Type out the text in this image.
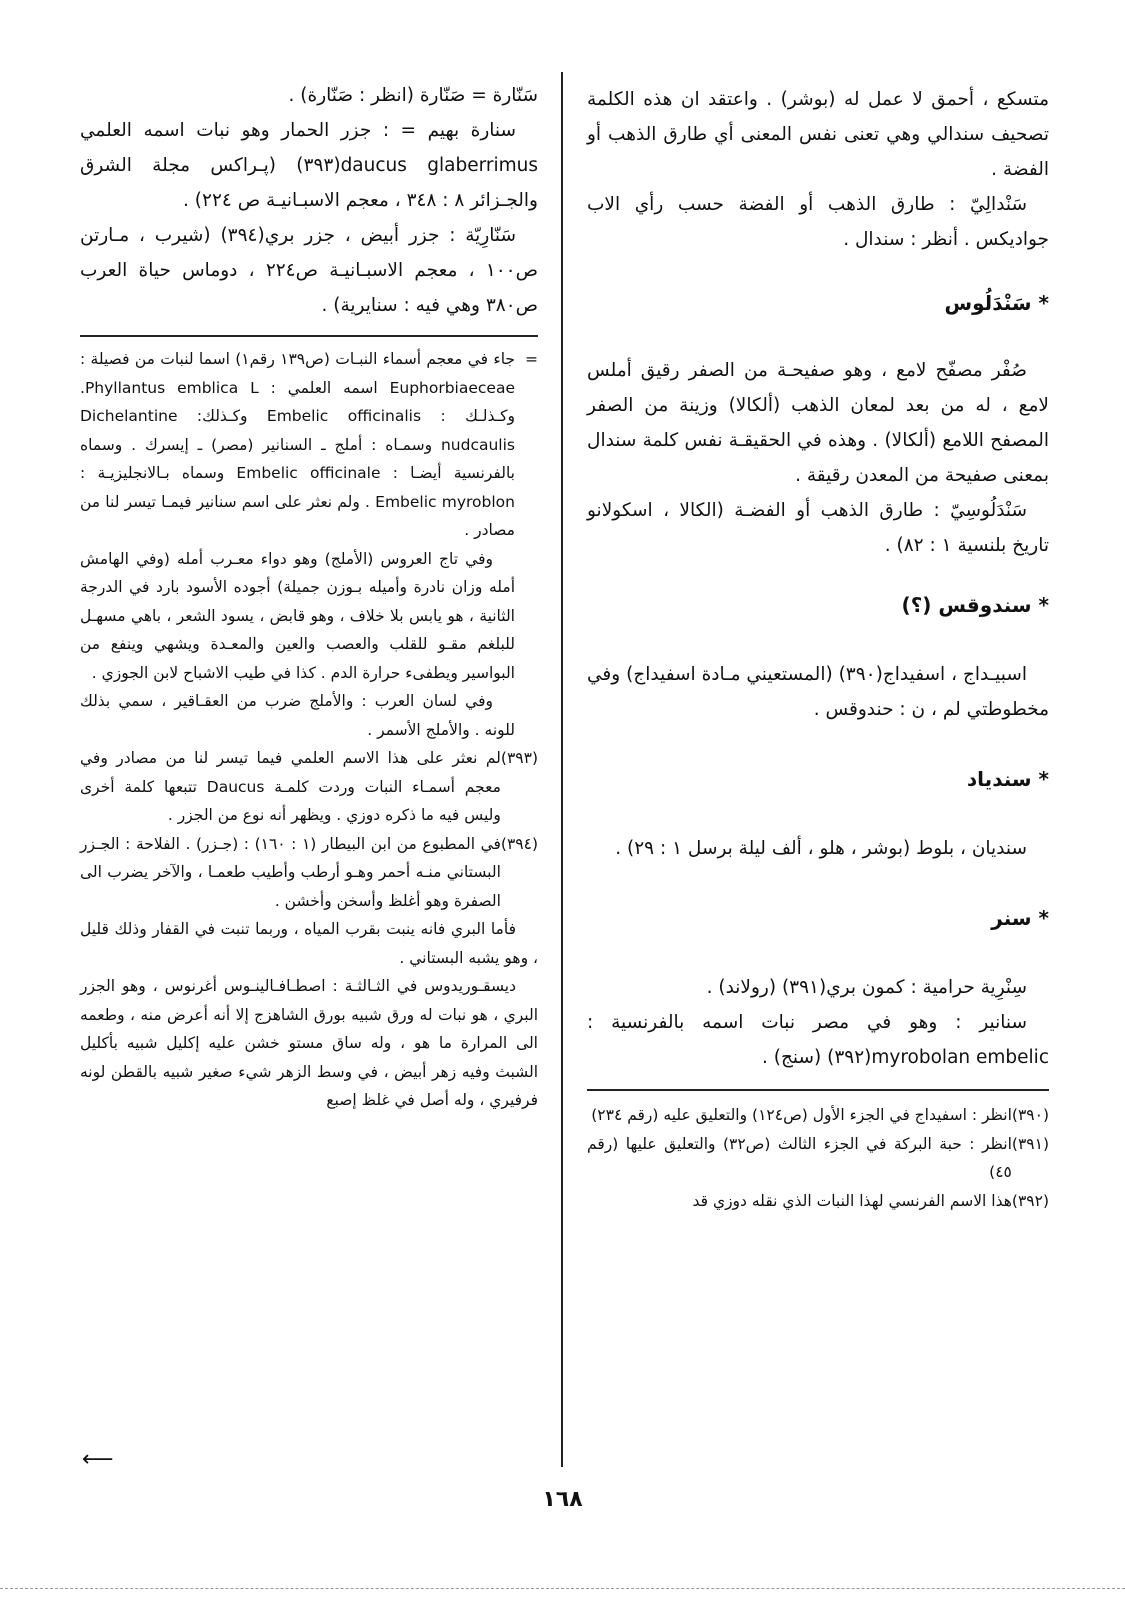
متسكع ، أحمق لا عمل له (بوشر) . واعتقد ان هذه الكلمة تصحيف سندالي وهي تعنى نفس المعنى أي طارق الذهب أو الفضة .

سَنْدالِيّ : طارق الذهب أو الفضة حسب رأي الاب جواديكس . أنظر : سندال .

* سَنْدَلُوس

صُفْر مصفّح لامع ، وهو صفيحـة من الصفر رقيق أملس لامع ، له من بعد لمعان الذهب (ألكالا) وزينة من الصفر المصفح اللامع (ألكالا) . وهذه في الحقيقـة نفس كلمة سندال بمعنى صفيحة من المعدن رقيقة .

سَنْدَلُوسِيّ : طارق الذهب أو الفضـة (الكالا ، اسكولانو تاريخ بلنسية ١ : ٨٢) .

* سندوقس (؟)

اسبيـداج ، اسفيداج(٣٩٠) (المستعيني مـادة اسفيداج) وفي مخطوطتي لم ، ن : حندوقس .

* سندياد

سنديان ، بلوط (بوشر ، هلو ، ألف ليلة برسل ١ : ٢٩) .

* سنر

سِنْرِية حرامية : كمون بري(٣٩١) (رولاند) .

سنانير : وهو في مصر نبات اسمه بالفرنسية : myrobolan embelic(٣٩٢) (سنج) .

(٣٩٠)
انظر : اسفيداج في الجزء الأول (ص١٢٤) والتعليق عليه (رقم ٢٣٤)
(٣٩١)
انظر : حبة البركة في الجزء الثالث (ص٣٢) والتعليق عليها (رقم ٤٥)
(٣٩٢)
هذا الاسم الفرنسي لهذا النبات الذي نقله دوزي قد

سَنّارة = صَنّارة (انظر : صَنّارة) .

سنارة بهيم = : جزر الحمار وهو نبات اسمه العلمي daucus glaberrimus(٣٩٣) (پـراكس مجلة الشرق والجـزائر ٨ : ٣٤٨ ، معجم الاسبـانيـة ص ٢٢٤) .

سَنّارِيّة : جزر أبيض ، جزر بري(٣٩٤) (شيرب ، مـارتن ص١٠٠ ، معجم الاسبـانيـة ص٢٢٤ ، دوماس حياة العرب ص٣٨٠ وهي فيه : سنايرية) .

=

جاء في معجم أسماء النبـات (ص١٣٩ رقم١) اسما لنبات من فصيلة : Euphorbiaeceae اسمه العلمي : Phyllantus emblica L. وكـذلـك : Embelic officinalis وكـذلك: Dichelantine nudcaulis وسمـاه : أملج ـ السنانير (مصر) ـ إيسرك . وسماه بالفرنسية أيضـا : Embelic officinale وسماه بـالانجليزيـة : Embelic myroblon . ولم نعثر على اسم سنانير فيمـا تيسر لنا من مصادر .

وفي تاج العروس (الأملج) وهو دواء معـرب أمله (وفي الهامش أمله وزان نادرة وأميله بـوزن جميلة) أجوده الأسود بارد في الدرجة الثانية ، هو يابس بلا خلاف ، وهو قابض ، يسود الشعر ، باهي مسهـل للبلغم مقـو للقلب والعصب والعين والمعـدة ويشهي وينفع من البواسير ويطفىء حرارة الدم . كذا في طيب الاشباح لابن الجوزي .

وفي لسان العرب : والأملج ضرب من العقـاقير ، سمي بذلك للونه . والأملج الأسمر .

(٣٩٣)
لم نعثر على هذا الاسم العلمي فيما تيسر لنا من مصادر وفي معجم أسمـاء النبات وردت كلمـة Daucus تتبعها كلمة أخرى وليس فيه ما ذكره دوزي . ويظهر أنه نوع من الجزر .
(٣٩٤)
في المطبوع من ابن البيطار (١ : ١٦٠) : (جـزر) . الفلاحة : الجـزر البستاني منـه أحمر وهـو أرطب وأطيب طعمـا ، والآخر يضرب الى الصفرة وهو أغلظ وأسخن وأخشن .

فأما البري فانه ينبت بقرب المياه ، وربما تنبت في القفار وذلك قليل ، وهو يشبه البستاني .

ديسقـوريدوس في الثـالثـة : اصطـافـالينـوس أغرنوس ، وهو الجزر البري ، هو نبات له ورق شبيه بورق الشاهزج إلا أنه أعرض منه ، وطعمه الى المرارة ما هو ، وله ساق مستو خشن عليه إكليل شبيه بأكليل الشبث وفيه زهر أبيض ، في وسط الزهر شيء صغير شبيه بالقطن لونه فرفيري ، وله أصل في غلظ إصبع

⟵
١٦٨
